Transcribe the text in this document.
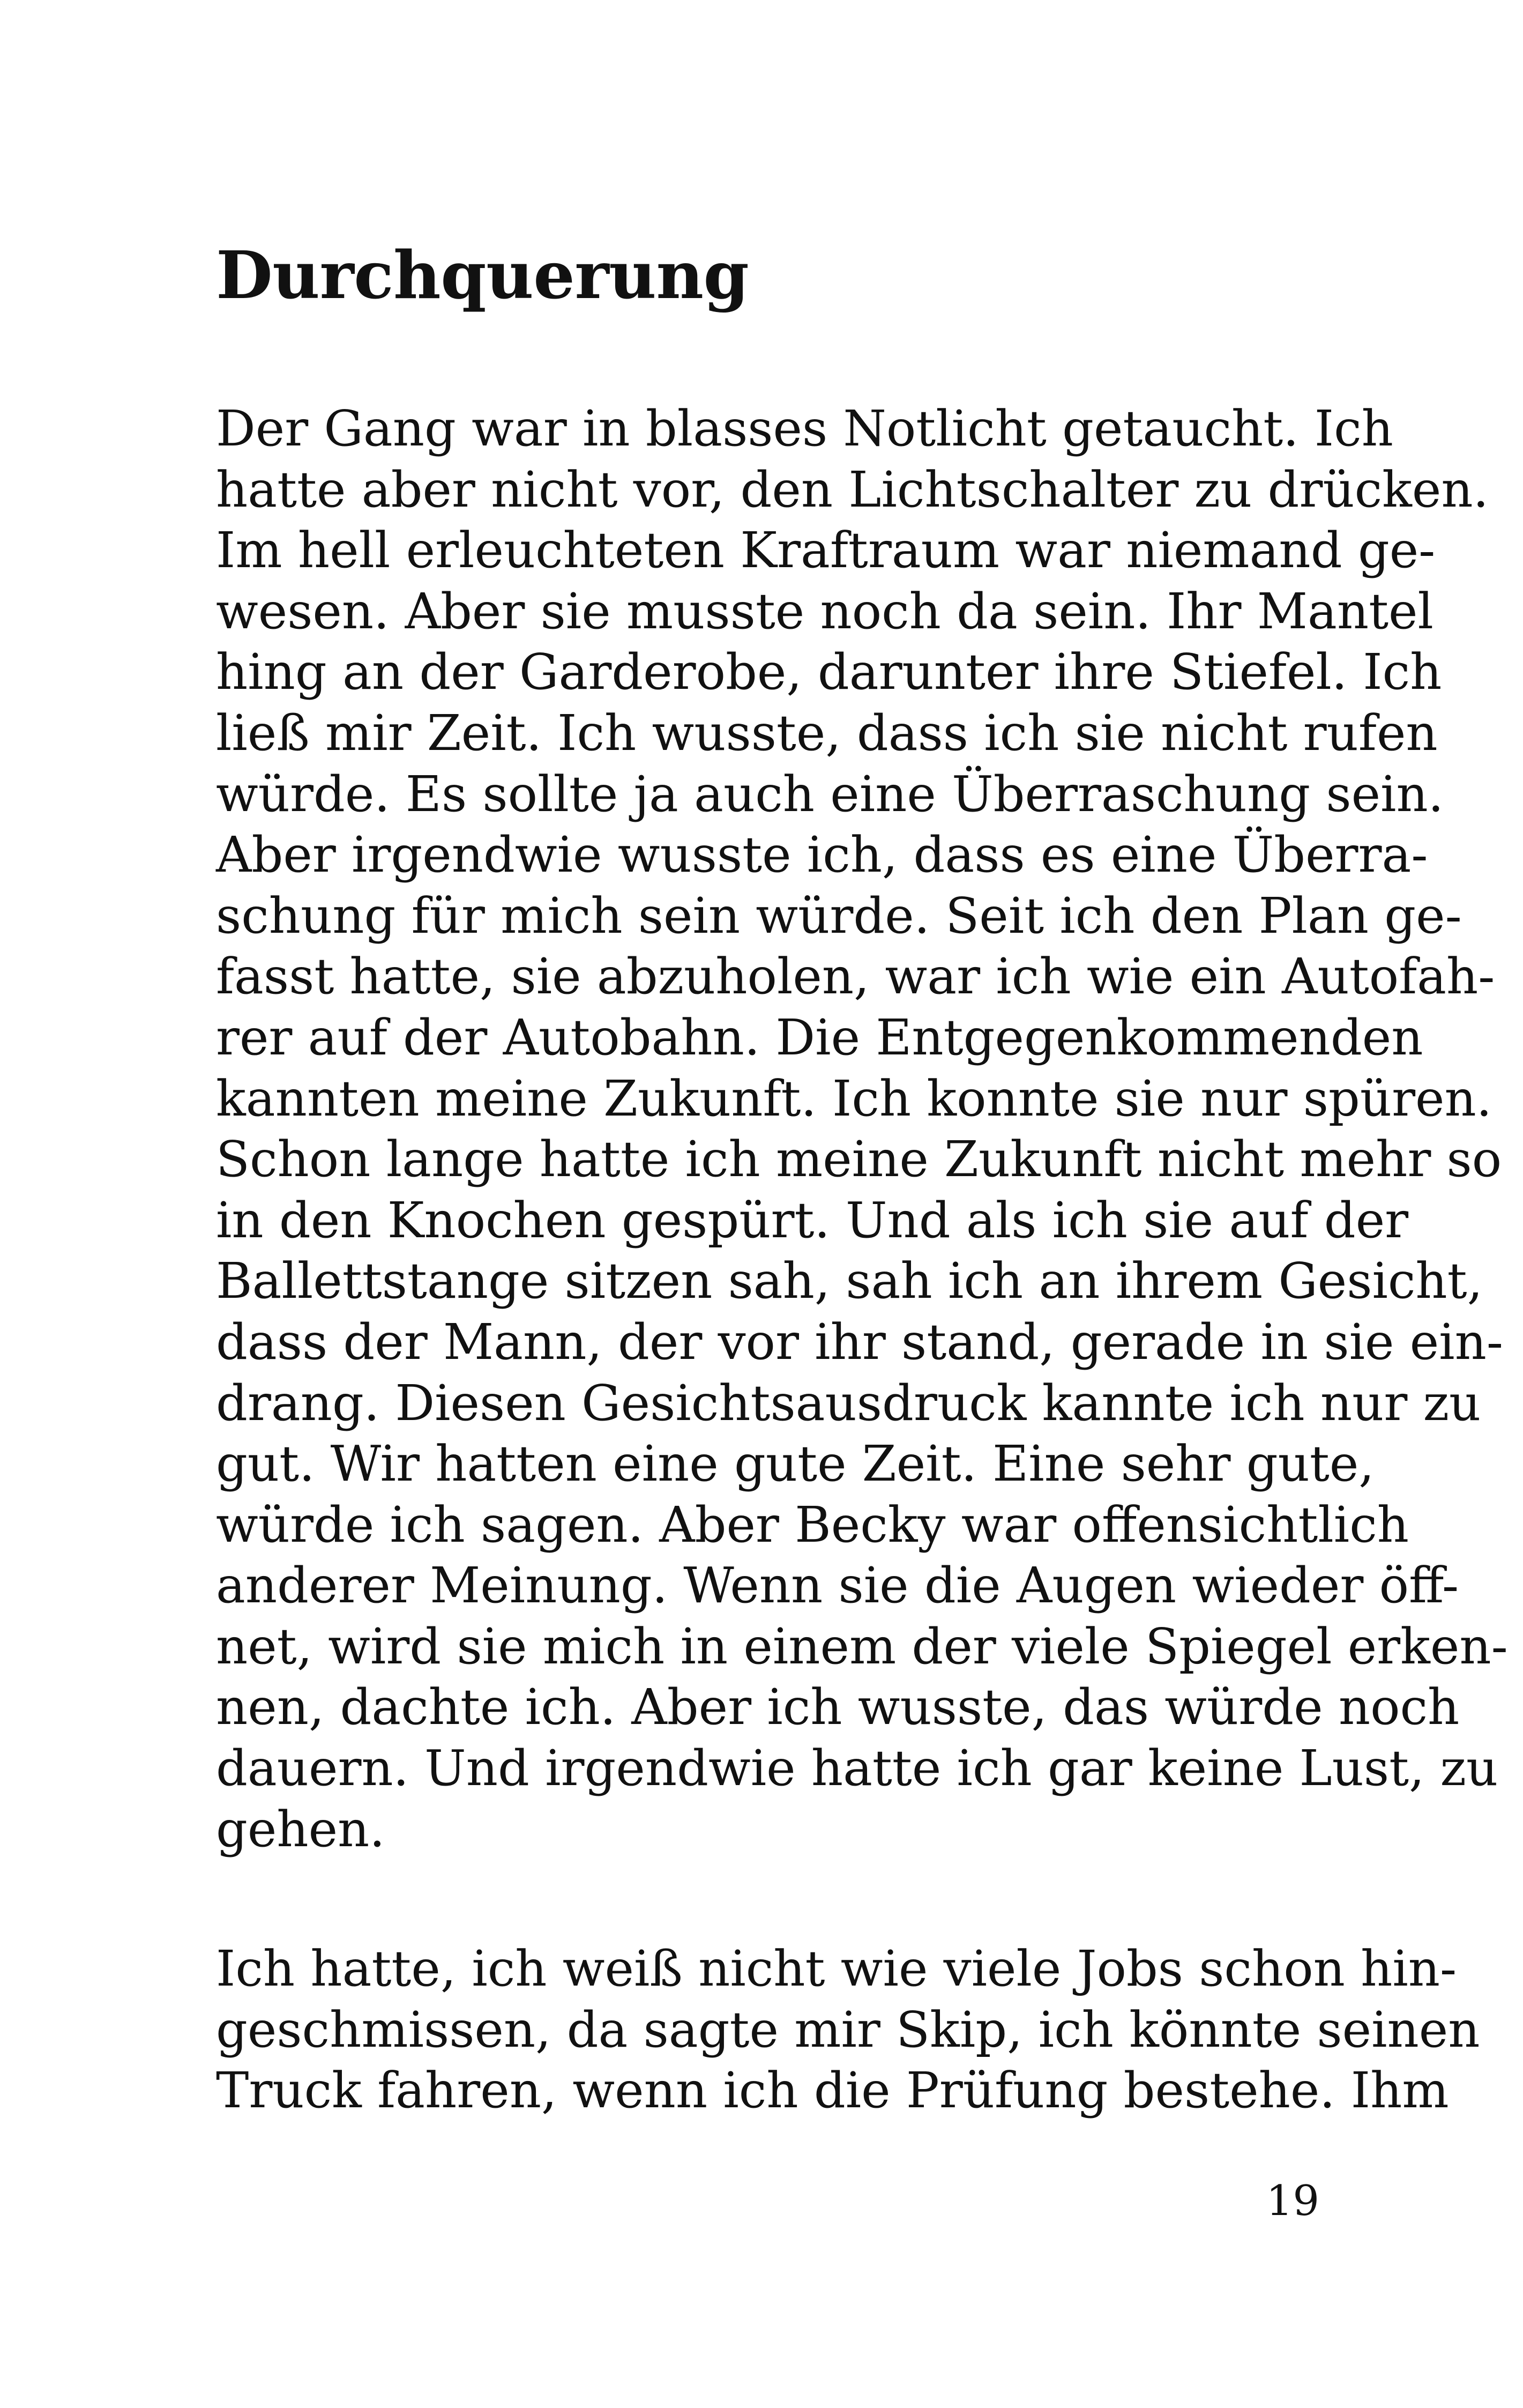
Durchquerung
Der Gang war in blasses Notlicht getaucht. Ich
hatte aber nicht vor, den Lichtschalter zu drücken.
Im hell erleuchteten Kraftraum war niemand ge-
wesen. Aber sie musste noch da sein. Ihr Mantel
hing an der Garderobe, darunter ihre Stiefel. Ich
ließ mir Zeit. Ich wusste, dass ich sie nicht rufen
würde. Es sollte ja auch eine Überraschung sein.
Aber irgendwie wusste ich, dass es eine Überra-
schung für mich sein würde. Seit ich den Plan ge-
fasst hatte, sie abzuholen, war ich wie ein Autofah-
rer auf der Autobahn. Die Entgegenkommenden
kannten meine Zukunft. Ich konnte sie nur spüren.
Schon lange hatte ich meine Zukunft nicht mehr so
in den Knochen gespürt. Und als ich sie auf der
Ballettstange sitzen sah, sah ich an ihrem Gesicht,
dass der Mann, der vor ihr stand, gerade in sie ein-
drang. Diesen Gesichtsausdruck kannte ich nur zu
gut. Wir hatten eine gute Zeit. Eine sehr gute,
würde ich sagen. Aber Becky war offensichtlich
anderer Meinung. Wenn sie die Augen wieder öff-
net, wird sie mich in einem der viele Spiegel erken-
nen, dachte ich. Aber ich wusste, das würde noch
dauern. Und irgendwie hatte ich gar keine Lust, zu
gehen.
Ich hatte, ich weiß nicht wie viele Jobs schon hin-
geschmissen, da sagte mir Skip, ich könnte seinen
Truck fahren, wenn ich die Prüfung bestehe. Ihm

19
